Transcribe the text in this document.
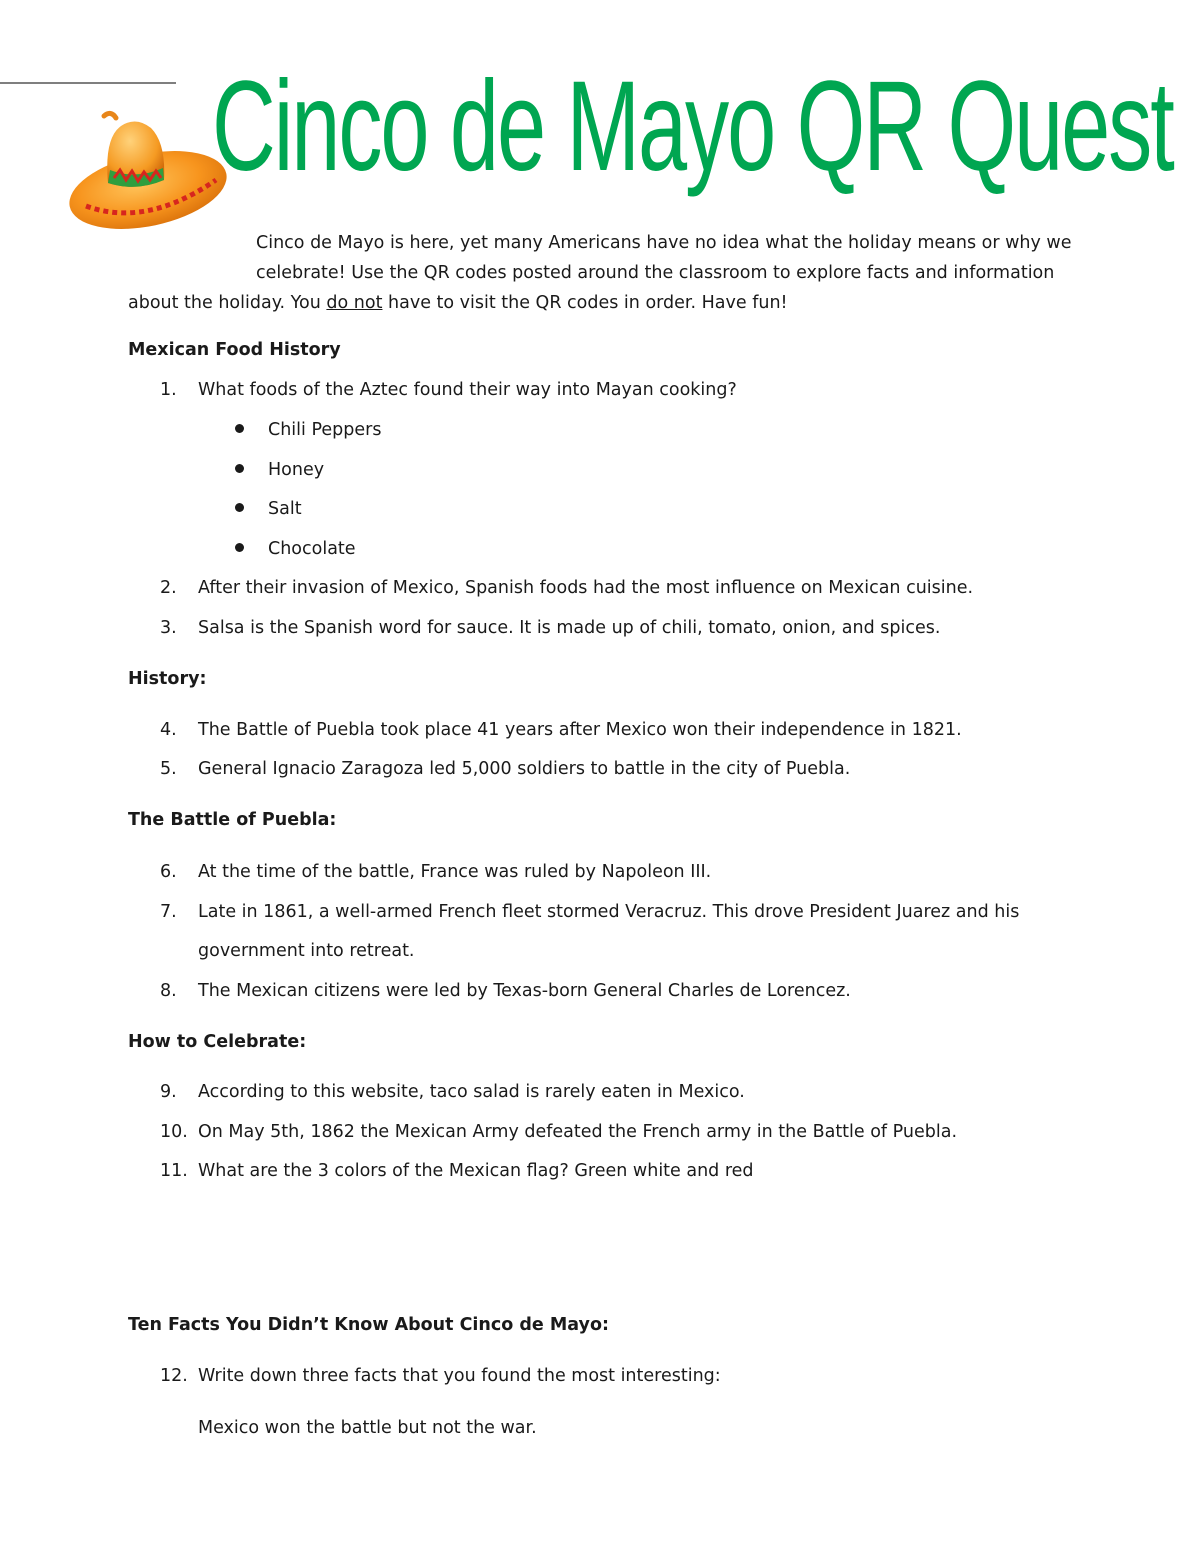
Cinco de Mayo QR Quest
Cinco de Mayo is here, yet many Americans have no idea what the holiday means or why we
celebrate! Use the QR codes posted around the classroom to explore facts and information
about the holiday. You do not have to visit the QR codes in order. Have fun!
Mexican Food History
1. What foods of the Aztec found their way into Mayan cooking?
Chili Peppers
Honey
Salt
Chocolate
2. After their invasion of Mexico, Spanish foods had the most influence on Mexican cuisine.
3. Salsa is the Spanish word for sauce. It is made up of chili, tomato, onion, and spices.
History:
4. The Battle of Puebla took place 41 years after Mexico won their independence in 1821.
5. General Ignacio Zaragoza led 5,000 soldiers to battle in the city of Puebla.
The Battle of Puebla:
6. At the time of the battle, France was ruled by Napoleon III.
7. Late in 1861, a well-armed French fleet stormed Veracruz. This drove President Juarez and his
government into retreat.
8. The Mexican citizens were led by Texas-born General Charles de Lorencez.
How to Celebrate:
9. According to this website, taco salad is rarely eaten in Mexico.
10. On May 5th, 1862 the Mexican Army defeated the French army in the Battle of Puebla.
11. What are the 3 colors of the Mexican flag? Green white and red
Ten Facts You Didn’t Know About Cinco de Mayo:
12. Write down three facts that you found the most interesting:
Mexico won the battle but not the war.
